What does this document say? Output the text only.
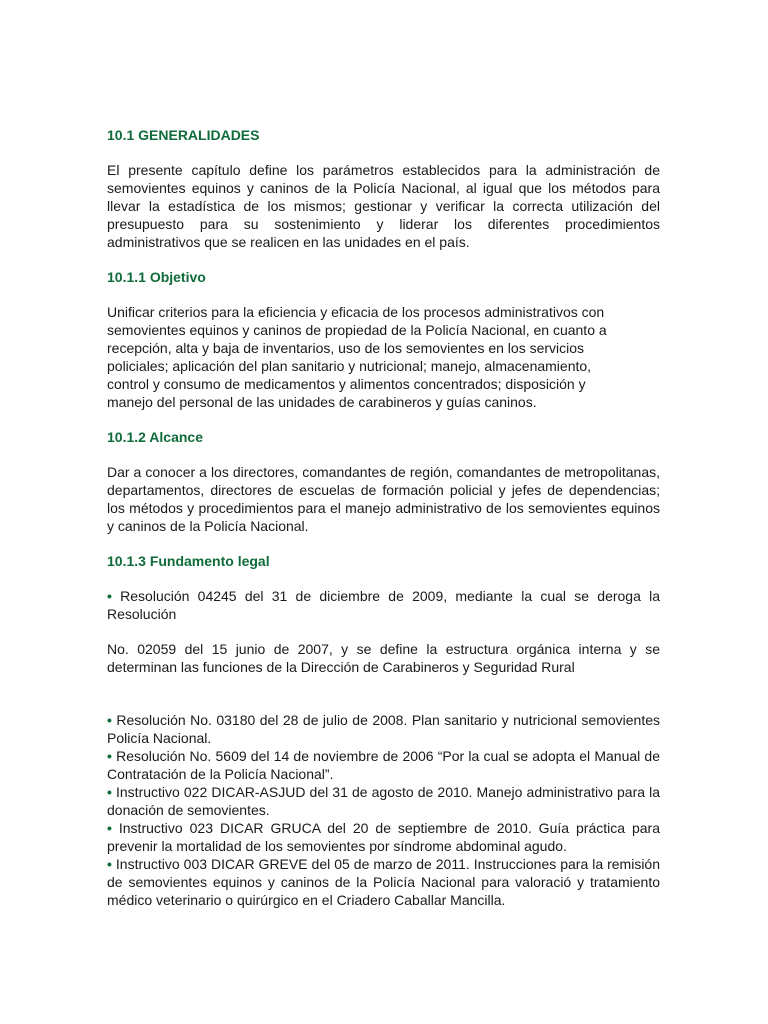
10.1 GENERALIDADES

El presente capítulo define los parámetros establecidos para la administración de semovientes equinos y caninos de la Policía Nacional, al igual que los métodos para llevar la estadística de los mismos; gestionar y verificar la correcta utilización del presupuesto para su sostenimiento y liderar los diferentes procedimientos administrativos que se realicen en las unidades en el país.

10.1.1 Objetivo

Unificar criterios para la eficiencia y eficacia de los procesos administrativos con semovientes equinos y caninos de propiedad de la Policía Nacional, en cuanto a recepción, alta y baja de inventarios, uso de los semovientes en los servicios policiales; aplicación del plan sanitario y nutricional; manejo, almacenamiento, control y consumo de medicamentos y alimentos concentrados; disposición y manejo del personal de las unidades de carabineros y guías caninos.

10.1.2 Alcance

Dar a conocer a los directores, comandantes de región, comandantes de metropolitanas, departamentos, directores de escuelas de formación policial y jefes de dependencias; los métodos y procedimientos para el manejo administrativo de los semovientes equinos y caninos de la Policía Nacional.

10.1.3 Fundamento legal

• Resolución 04245 del 31 de diciembre de 2009, mediante la cual se deroga la Resolución

No. 02059 del 15 junio de 2007, y se define la estructura orgánica interna y se determinan las funciones de la Dirección de Carabineros y Seguridad Rural

• Resolución No. 03180 del 28 de julio de 2008. Plan sanitario y nutricional semovientes Policía Nacional.

• Resolución No. 5609 del 14 de noviembre de 2006 “Por la cual se adopta el Manual de Contratación de la Policía Nacional”.

• Instructivo 022 DICAR-ASJUD del 31 de agosto de 2010. Manejo administrativo para la donación de semovientes.

• Instructivo 023 DICAR GRUCA del 20 de septiembre de 2010. Guía práctica para prevenir la mortalidad de los semovientes por síndrome abdominal agudo.

• Instructivo 003 DICAR GREVE del 05 de marzo de 2011. Instrucciones para la remisión de semovientes equinos y caninos de la Policía Nacional para valoració y tratamiento médico veterinario o quirúrgico en el Criadero Caballar Mancilla.
